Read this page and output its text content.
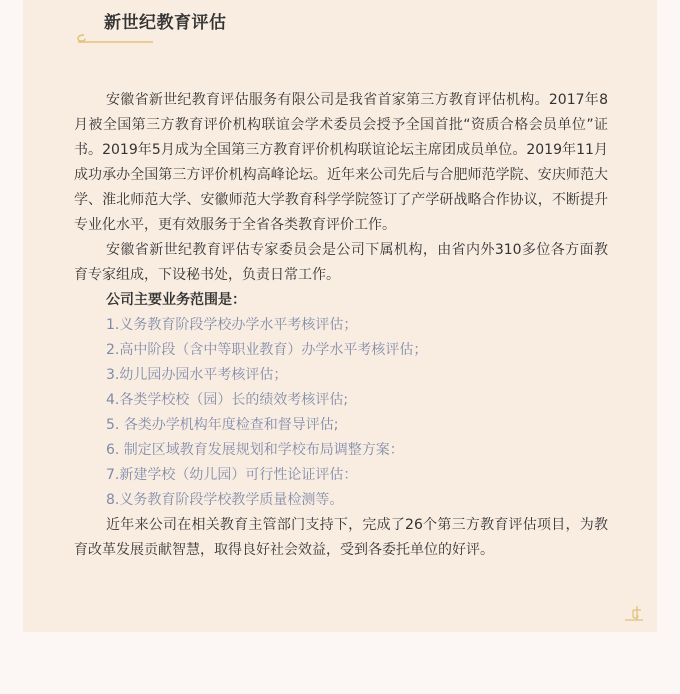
新世纪教育评估

安徽省新世纪教育评估服务有限公司是我省首家第三方教育评估机构。2017年8月被全国第三方教育评价机构联谊会学术委员会授予全国首批“资质合格会员单位”证书。2019年5月成为全国第三方教育评价机构联谊论坛主席团成员单位。2019年11月成功承办全国第三方评价机构高峰论坛。近年来公司先后与合肥师范学院、安庆师范大学、淮北师范大学、安徽师范大学教育科学学院签订了产学研战略合作协议，不断提升专业化水平，更有效服务于全省各类教育评价工作。

安徽省新世纪教育评估专家委员会是公司下属机构，由省内外310多位各方面教育专家组成，下设秘书处，负责日常工作。

公司主要业务范围是：

1.义务教育阶段学校办学水平考核评估；

2.高中阶段（含中等职业教育）办学水平考核评估；

3.幼儿园办园水平考核评估；

4.各类学校校（园）长的绩效考核评估;

5. 各类办学机构年度检查和督导评估;

6. 制定区域教育发展规划和学校布局调整方案：

7.新建学校（幼儿园）可行性论证评估：

8.义务教育阶段学校教学质量检测等。

近年来公司在相关教育主管部门支持下，完成了26个第三方教育评估项目，为教育改革发展贡献智慧，取得良好社会效益，受到各委托单位的好评。
